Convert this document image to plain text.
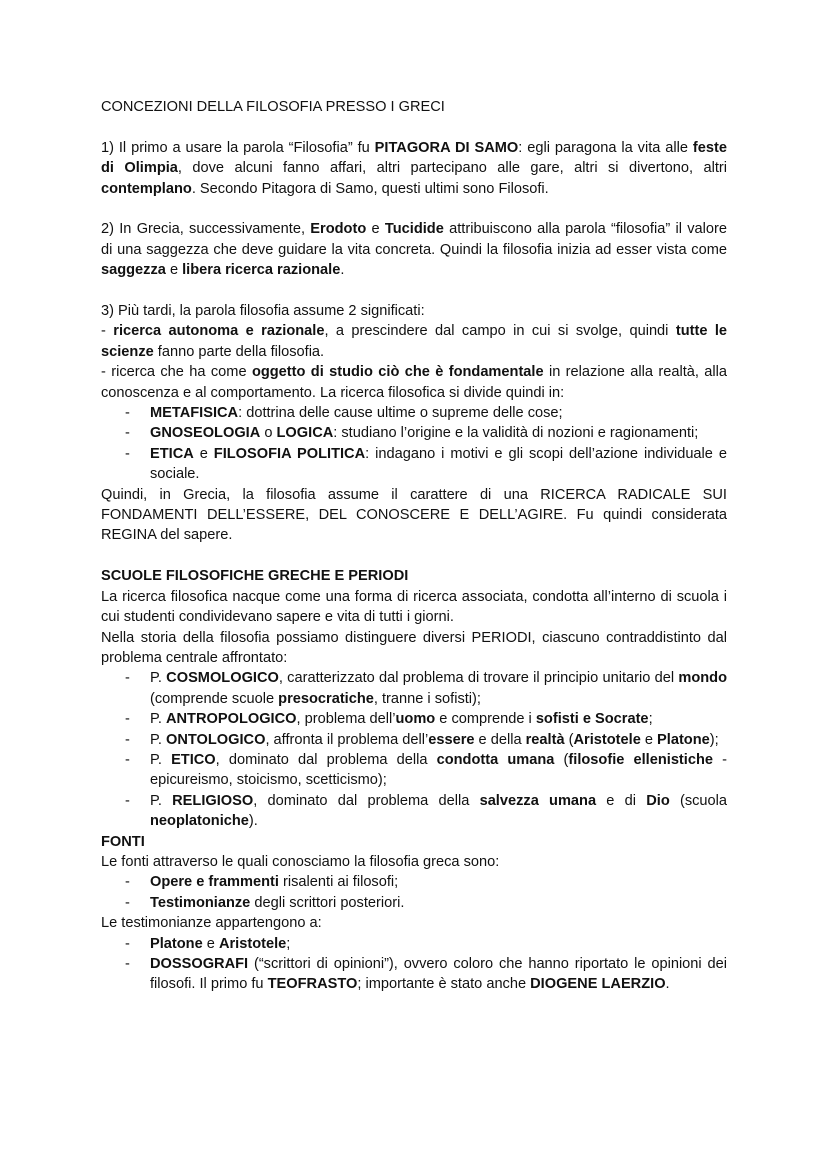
CONCEZIONI DELLA FILOSOFIA PRESSO I GRECI

1) Il primo a usare la parola “Filosofia” fu PITAGORA DI SAMO: egli paragona la vita alle feste di Olimpia, dove alcuni fanno affari, altri partecipano alle gare, altri si divertono, altri contemplano. Secondo Pitagora di Samo, questi ultimi sono Filosofi.

2) In Grecia, successivamente, Erodoto e Tucidide attribuiscono alla parola “filosofia” il valore di una saggezza che deve guidare la vita concreta. Quindi la filosofia inizia ad esser vista come saggezza e libera ricerca razionale.

3) Più tardi, la parola filosofia assume 2 significati:

- ricerca autonoma e razionale, a prescindere dal campo in cui si svolge, quindi tutte le scienze fanno parte della filosofia.

- ricerca che ha come oggetto di studio ciò che è fondamentale in relazione alla realtà, alla conoscenza e al comportamento. La ricerca filosofica si divide quindi in:

- METAFISICA: dottrina delle cause ultime o supreme delle cose;
- GNOSEOLOGIA o LOGICA: studiano l’origine e la validità di nozioni e ragionamenti;
- ETICA e FILOSOFIA POLITICA: indagano i motivi e gli scopi dell’azione individuale e sociale.

Quindi, in Grecia, la filosofia assume il carattere di una RICERCA RADICALE SUI FONDAMENTI DELL’ESSERE, DEL CONOSCERE E DELL’AGIRE. Fu quindi considerata REGINA del sapere.

SCUOLE FILOSOFICHE GRECHE E PERIODI

La ricerca filosofica nacque come una forma di ricerca associata, condotta all’interno di scuola i cui studenti condividevano sapere e vita di tutti i giorni.

Nella storia della filosofia possiamo distinguere diversi PERIODI, ciascuno contraddistinto dal problema centrale affrontato:

- P. COSMOLOGICO, caratterizzato dal problema di trovare il principio unitario del mondo (comprende scuole presocratiche, tranne i sofisti);
- P. ANTROPOLOGICO, problema dell’uomo e comprende i sofisti e Socrate;
- P. ONTOLOGICO, affronta il problema dell’essere e della realtà (Aristotele e Platone);
- P. ETICO, dominato dal problema della condotta umana (filosofie ellenistiche - epicureismo, stoicismo, scetticismo);
- P. RELIGIOSO, dominato dal problema della salvezza umana e di Dio (scuola neoplatoniche).

FONTI

Le fonti attraverso le quali conosciamo la filosofia greca sono:

- Opere e frammenti risalenti ai filosofi;
- Testimonianze degli scrittori posteriori.

Le testimonianze appartengono a:

- Platone e Aristotele;
- DOSSOGRAFI (“scrittori di opinioni”), ovvero coloro che hanno riportato le opinioni dei filosofi. Il primo fu TEOFRASTO; importante è stato anche DIOGENE LAERZIO.
